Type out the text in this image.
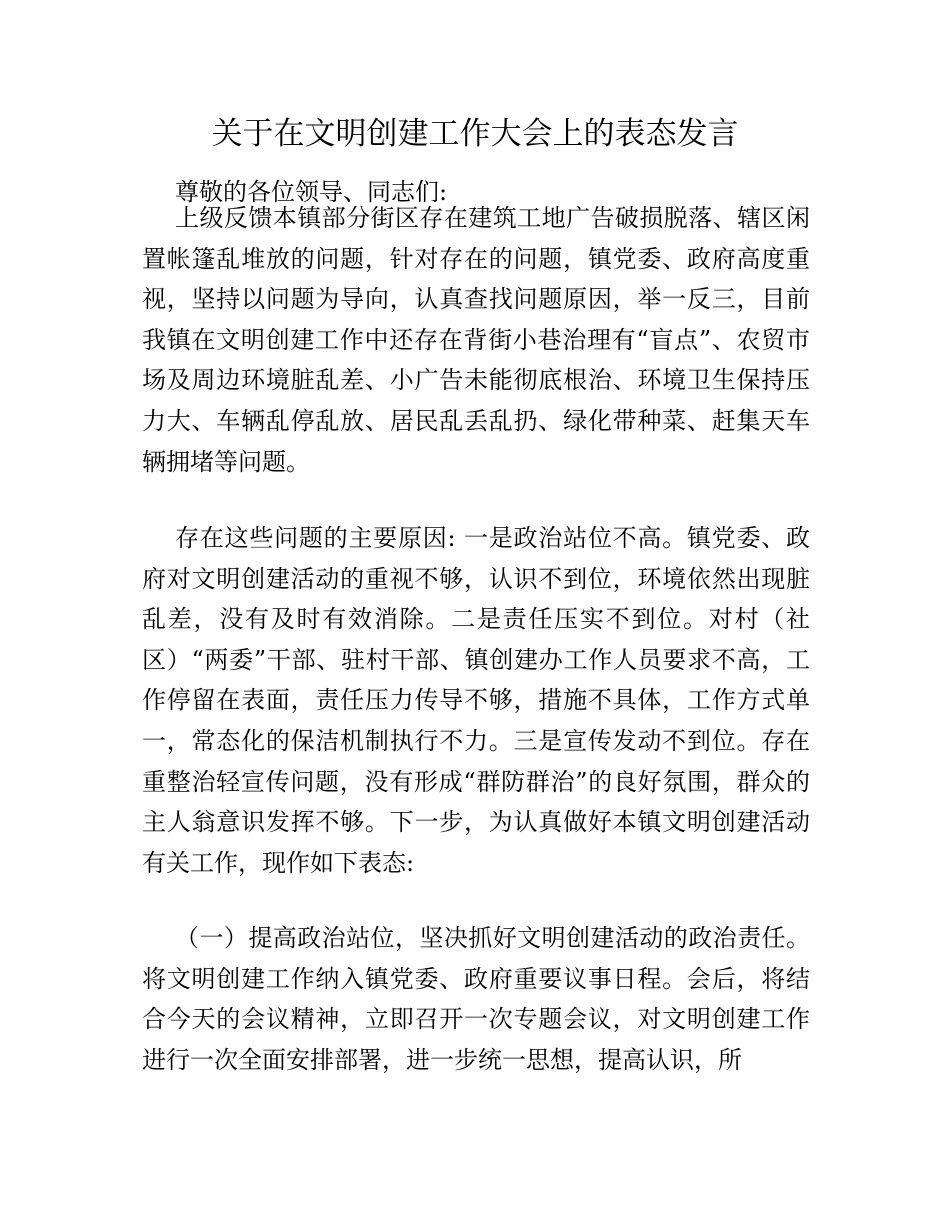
关于在文明创建工作大会上的表态发言
尊敬的各位领导、同志们:
上级反馈本镇部分街区存在建筑工地广告破损脱落、辖区闲置帐篷乱堆放的问题，针对存在的问题，镇党委、政府高度重视，坚持以问题为导向，认真查找问题原因，举一反三，目前我镇在文明创建工作中还存在背街小巷治理有“盲点”、农贸市场及周边环境脏乱差、小广告未能彻底根治、环境卫生保持压力大、车辆乱停乱放、居民乱丢乱扔、绿化带种菜、赶集天车辆拥堵等问题。
存在这些问题的主要原因: 一是政治站位不高。镇党委、政府对文明创建活动的重视不够，认识不到位，环境依然出现脏乱差，没有及时有效消除。二是责任压实不到位。对村（社区）“两委”干部、驻村干部、镇创建办工作人员要求不高，工作停留在表面，责任压力传导不够，措施不具体，工作方式单一，常态化的保洁机制执行不力。三是宣传发动不到位。存在重整治轻宣传问题，没有形成“群防群治”的良好氛围，群众的主人翁意识发挥不够。下一步，为认真做好本镇文明创建活动有关工作，现作如下表态:
（一）提高政治站位，坚决抓好文明创建活动的政治责任。将文明创建工作纳入镇党委、政府重要议事日程。会后，将结合今天的会议精神，立即召开一次专题会议，对文明创建工作进行一次全面安排部署，进一步统一思想，提高认识，所
